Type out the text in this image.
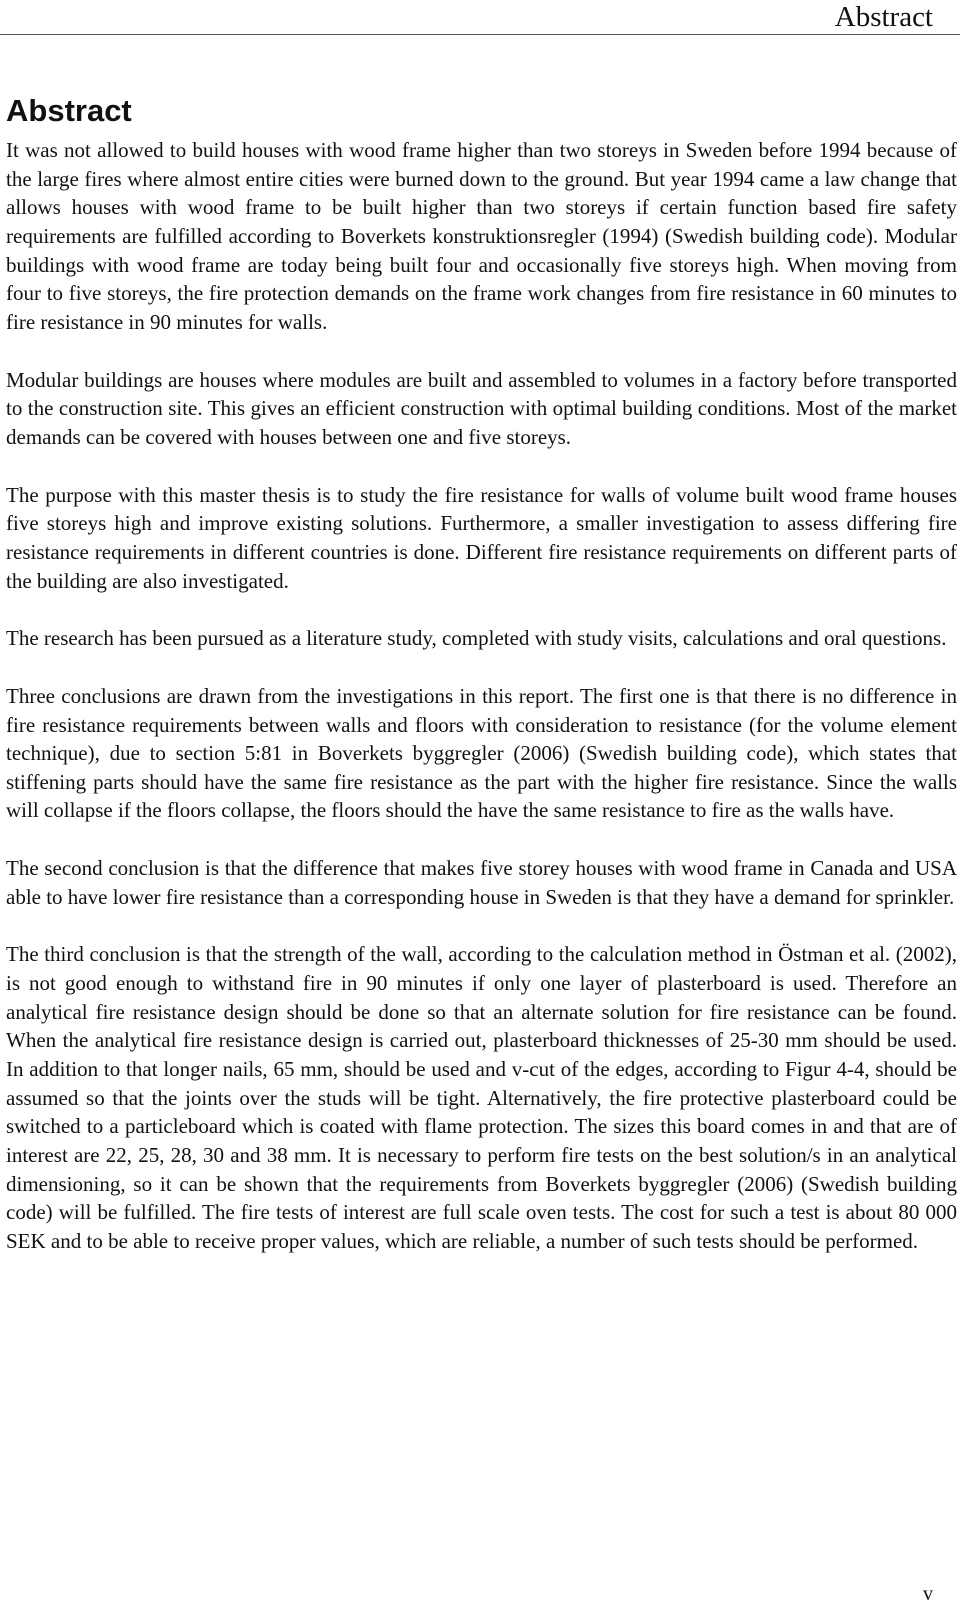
Abstract
Abstract

It was not allowed to build houses with wood frame higher than two storeys in Sweden before 1994 because of the large fires where almost entire cities were burned down to the ground. But year 1994 came a law change that allows houses with wood frame to be built higher than two storeys if certain function based fire safety requirements are fulfilled according to Boverkets konstruktionsregler (1994) (Swedish building code). Modular buildings with wood frame are today being built four and occasionally five storeys high. When moving from four to five storeys, the fire protection demands on the frame work changes from fire resistance in 60 minutes to fire resistance in 90 minutes for walls.

Modular buildings are houses where modules are built and assembled to volumes in a factory before transported to the construction site. This gives an efficient construction with optimal building conditions. Most of the market demands can be covered with houses between one and five storeys.

The purpose with this master thesis is to study the fire resistance for walls of volume built wood frame houses five storeys high and improve existing solutions. Furthermore, a smaller investigation to assess differing fire resistance requirements in different countries is done. Different fire resistance requirements on different parts of the building are also investigated.

The research has been pursued as a literature study, completed with study visits, calculations and oral questions.

Three conclusions are drawn from the investigations in this report. The first one is that there is no difference in fire resistance requirements between walls and floors with consideration to resistance (for the volume element technique), due to section 5:81 in Boverkets byggregler (2006) (Swedish building code), which states that stiffening parts should have the same fire resistance as the part with the higher fire resistance. Since the walls will collapse if the floors collapse, the floors should the have the same resistance to fire as the walls have.

The second conclusion is that the difference that makes five storey houses with wood frame in Canada and USA able to have lower fire resistance than a corresponding house in Sweden is that they have a demand for sprinkler.

The third conclusion is that the strength of the wall, according to the calculation method in Östman et al. (2002), is not good enough to withstand fire in 90 minutes if only one layer of plasterboard is used. Therefore an analytical fire resistance design should be done so that an alternate solution for fire resistance can be found. When the analytical fire resistance design is carried out, plasterboard thicknesses of 25-30 mm should be used. In addition to that longer nails, 65 mm, should be used and v-cut of the edges, according to Figur 4-4, should be assumed so that the joints over the studs will be tight. Alternatively, the fire protective plasterboard could be switched to a particleboard which is coated with flame protection. The sizes this board comes in and that are of interest are 22, 25, 28, 30 and 38 mm. It is necessary to perform fire tests on the best solution/s in an analytical dimensioning, so it can be shown that the requirements from Boverkets byggregler (2006) (Swedish building code) will be fulfilled. The fire tests of interest are full scale oven tests. The cost for such a test is about 80 000 SEK and to be able to receive proper values, which are reliable, a number of such tests should be performed.

v
